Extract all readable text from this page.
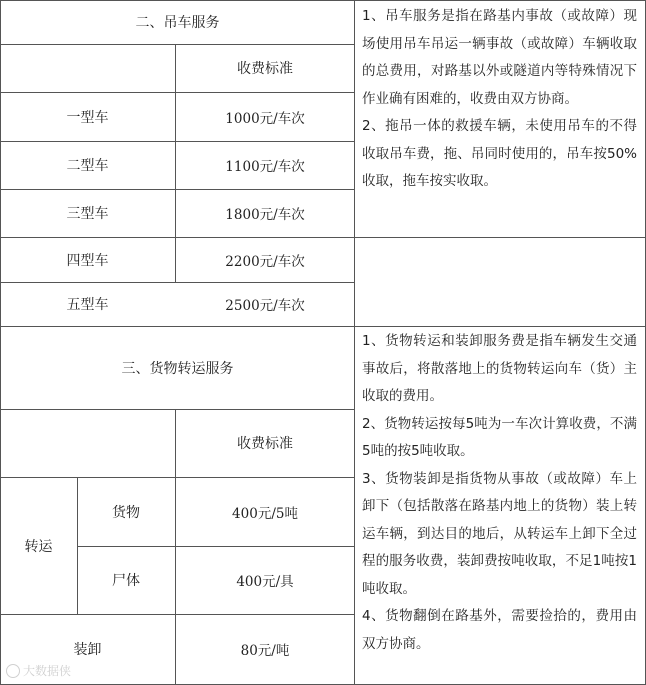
二、吊车服务
收费标准
一型车	1000元/车次
二型车	1100元/车次
三型车	1800元/车次
四型车	2200元/车次
五型车	2500元/车次

1、吊车服务是指在路基内事故（或故障）现场使用吊车吊运一辆事故（或故障）车辆收取的总费用，对路基以外或隧道内等特殊情况下作业确有困难的，收费由双方协商。

2、拖吊一体的救援车辆，未使用吊车的不得收取吊车费，拖、吊同时使用的，吊车按50%收取，拖车按实收取。

三、货物转运服务
收费标准
转运
货物	400元/5吨
尸体	400元/具
装卸	80元/吨

1、货物转运和装卸服务费是指车辆发生交通事故后，将散落地上的货物转运向车（货）主收取的费用。

2、货物转运按每5吨为一车次计算收费，不满5吨的按5吨收取。

3、货物装卸是指货物从事故（或故障）车上卸下（包括散落在路基内地上的货物）装上转运车辆，到达目的地后，从转运车上卸下全过程的服务收费，装卸费按吨收取，不足1吨按1吨收取。

4、货物翻倒在路基外，需要捡拾的，费用由双方协商。

大数据侠
